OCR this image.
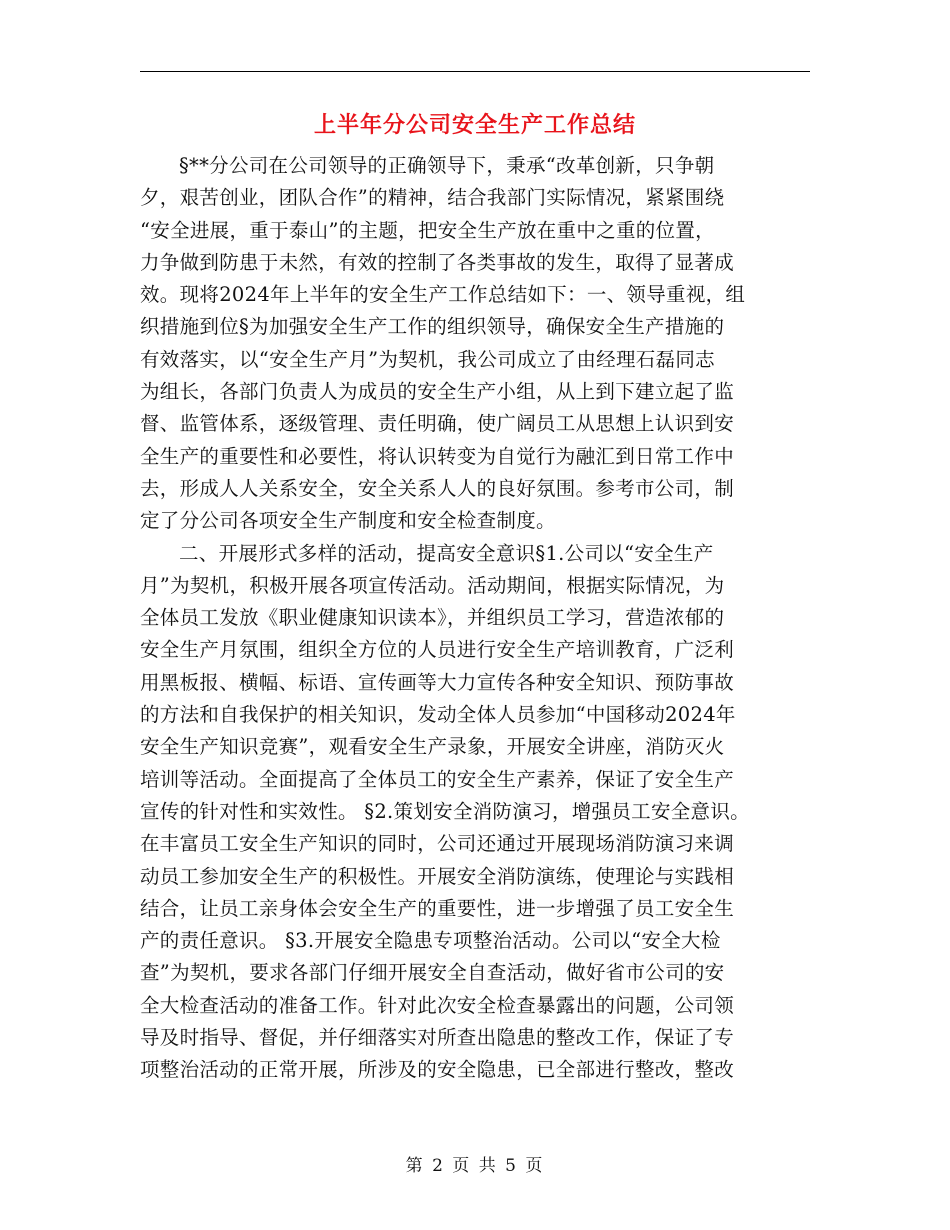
上半年分公司安全生产工作总结
§**分公司在公司领导的正确领导下，秉承“改革创新，只争朝
夕，艰苦创业，团队合作”的精神，结合我部门实际情况，紧紧围绕
“安全进展，重于泰山”的主题，把安全生产放在重中之重的位置，
力争做到防患于未然，有效的控制了各类事故的发生，取得了显著成
效。现将2024年上半年的安全生产工作总结如下：一、领导重视，组
织措施到位§为加强安全生产工作的组织领导，确保安全生产措施的
有效落实，以“安全生产月”为契机，我公司成立了由经理石磊同志
为组长，各部门负责人为成员的安全生产小组，从上到下建立起了监
督、监管体系，逐级管理、责任明确，使广阔员工从思想上认识到安
全生产的重要性和必要性，将认识转变为自觉行为融汇到日常工作中
去，形成人人关系安全，安全关系人人的良好氛围。参考市公司，制
定了分公司各项安全生产制度和安全检查制度。
二、开展形式多样的活动，提高安全意识§1.公司以“安全生产
月”为契机，积极开展各项宣传活动。活动期间，根据实际情况，为
全体员工发放《职业健康知识读本》，并组织员工学习，营造浓郁的
安全生产月氛围，组织全方位的人员进行安全生产培训教育，广泛利
用黑板报、横幅、标语、宣传画等大力宣传各种安全知识、预防事故
的方法和自我保护的相关知识，发动全体人员参加“中国移动2024年
安全生产知识竞赛”，观看安全生产录象，开展安全讲座，消防灭火
培训等活动。全面提高了全体员工的安全生产素养，保证了安全生产
宣传的针对性和实效性。 §2.策划安全消防演习，增强员工安全意识。
在丰富员工安全生产知识的同时，公司还通过开展现场消防演习来调
动员工参加安全生产的积极性。开展安全消防演练，使理论与实践相
结合，让员工亲身体会安全生产的重要性，进一步增强了员工安全生
产的责任意识。 §3.开展安全隐患专项整治活动。公司以“安全大检
查”为契机，要求各部门仔细开展安全自查活动，做好省市公司的安
全大检查活动的准备工作。针对此次安全检查暴露出的问题，公司领
导及时指导、督促，并仔细落实对所查出隐患的整改工作，保证了专
项整治活动的正常开展，所涉及的安全隐患，已全部进行整改，整改
第 2 页 共 5 页
